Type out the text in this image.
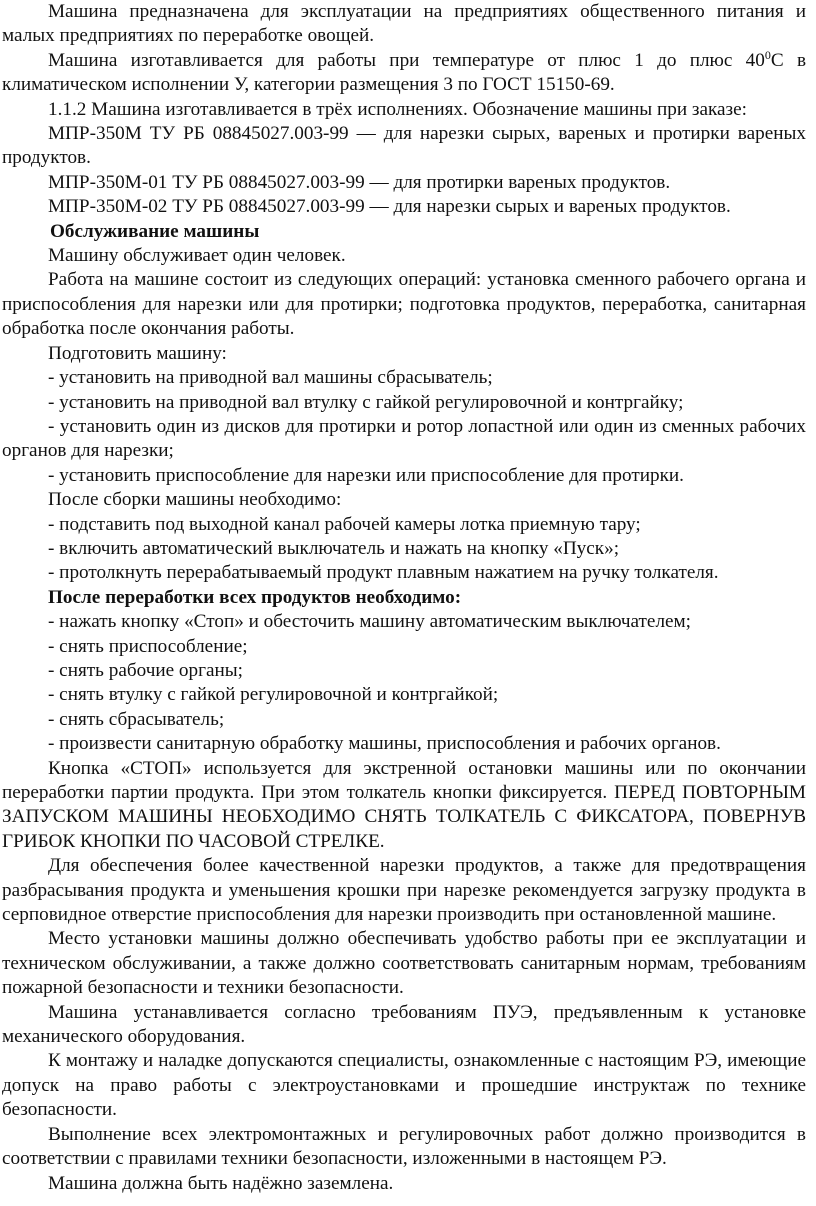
Машина предназначена для эксплуатации на предприятиях общественного питания и малых предприятиях по переработке овощей.

Машина изготавливается для работы при температуре от плюс 1 до плюс $40^0С$ в климатическом исполнении У, категории размещения 3 по ГОСТ 15150-69.

1.1.2 Машина изготавливается в трёх исполнениях. Обозначение машины при заказе:

МПР-350М ТУ РБ 08845027.003-99 — для нарезки сырых, вареных и протирки вареных продуктов.

МПР-350М-01 ТУ РБ 08845027.003-99 — для протирки вареных продуктов.

МПР-350М-02 ТУ РБ 08845027.003-99 — для нарезки сырых и вареных продуктов.

Обслуживание машины

Машину обслуживает один человек.

Работа на машине состоит из следующих операций: установка сменного рабочего органа и приспособления для нарезки или для протирки; подготовка продуктов, переработка, санитарная обработка после окончания работы.

Подготовить машину:

- установить на приводной вал машины сбрасыватель;

- установить на приводной вал втулку с гайкой регулировочной и контргайку;

- установить один из дисков для протирки и ротор лопастной или один из сменных рабочих органов для нарезки;

- установить приспособление для нарезки или приспособление для протирки.

После сборки машины необходимо:

- подставить под выходной канал рабочей камеры лотка приемную тару;

- включить автоматический выключатель и нажать на кнопку «Пуск»;

- протолкнуть перерабатываемый продукт плавным нажатием на ручку толкателя.

После переработки всех продуктов необходимо:

- нажать кнопку «Стоп» и обесточить машину автоматическим выключателем;

- снять приспособление;

- снять рабочие органы;

- снять втулку с гайкой регулировочной и контргайкой;

- снять сбрасыватель;

- произвести санитарную обработку машины, приспособления и рабочих органов.

Кнопка «СТОП» используется для экстренной остановки машины или по окончании переработки партии продукта. При этом толкатель кнопки фиксируется. ПЕРЕД ПОВТОРНЫМ ЗАПУСКОМ МАШИНЫ НЕОБХОДИМО СНЯТЬ ТОЛКАТЕЛЬ С ФИКСАТОРА, ПОВЕРНУВ ГРИБОК КНОПКИ ПО ЧАСОВОЙ СТРЕЛКЕ.

Для обеспечения более качественной нарезки продуктов, а также для предотвращения разбрасывания продукта и уменьшения крошки при нарезке рекомендуется загрузку продукта в серповидное отверстие приспособления для нарезки производить при остановленной машине.

Место установки машины должно обеспечивать удобство работы при ее эксплуатации и техническом обслуживании, а также должно соответствовать санитарным нормам, требованиям пожарной безопасности и техники безопасности.

Машина устанавливается согласно требованиям ПУЭ, предъявленным к установке механического оборудования.

К монтажу и наладке допускаются специалисты, ознакомленные с настоящим РЭ, имеющие допуск на право работы с электроустановками и прошедшие инструктаж по технике безопасности.

Выполнение всех электромонтажных и регулировочных работ должно производится в соответствии с правилами техники безопасности, изложенными в настоящем РЭ.

Машина должна быть надёжно заземлена.
